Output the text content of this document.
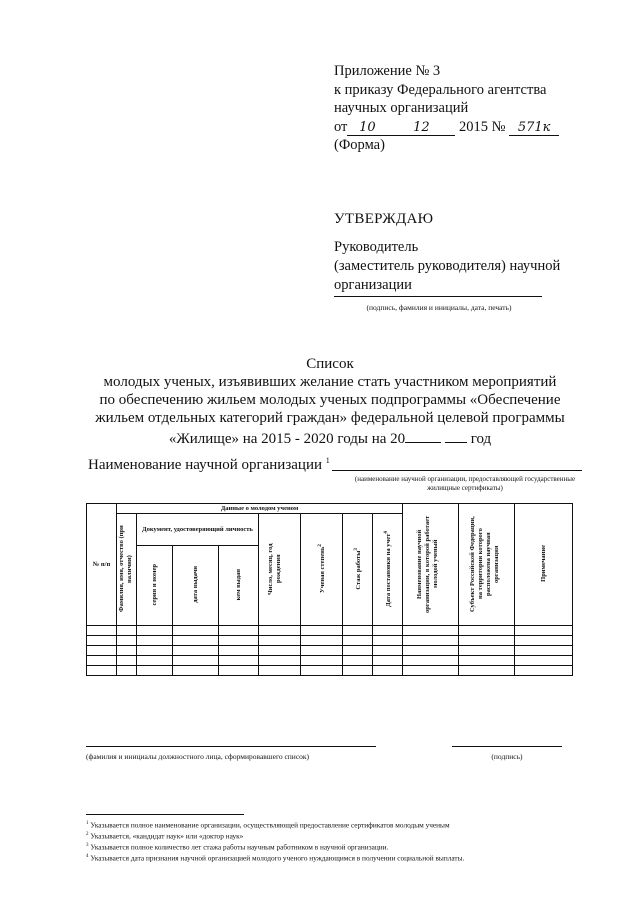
Приложение № 3
к приказу Федерального агентства
научных организаций
от 10	12 2015 № 571к
(Форма)
УТВЕРЖДАЮ
Руководитель
(заместитель руководителя) научной
организации
(подпись, фамилия и инициалы, дата, печать)
Список
молодых ученых, изъявивших желание стать участником мероприятий
по обеспечению жильем молодых ученых подпрограммы «Обеспечение
жильем отдельных категорий граждан» федеральной целевой программы
«Жилище» на 2015 - 2020 годы на 20	год
Наименование научной организации $^1$
(наименование научной организации, предоставляющей государственные
жилищные сертификаты)
№ п/п	Данные о молодом ученом								Наименование научной организации, в которой работает молодой ученый	Субъект Российской Федерации, на территории которого расположена научная организация	Примечание
	Фамилия, имя, отчество (при наличии)	Документ, удостоверяющий личность			Число, месяц, год рождения	Ученая степень$^2$	Стаж работы$^3$	Дата постановки на учет$^4$
		серия и номер	дата выдачи	кем выдан							

(фамилия и инициалы должностного лица, сформировавшего список)	(подпись)
$^1$ Указывается полное наименование организации, осуществляющей предоставление сертификатов молодым ученым
$^2$ Указывается, «кандидат наук» или «доктор наук»
$^3$ Указывается полное количество лет стажа работы научным работником в научной организации.
$^4$ Указывается дата признания научной организацией молодого ученого нуждающимся в получении социальной выплаты.
